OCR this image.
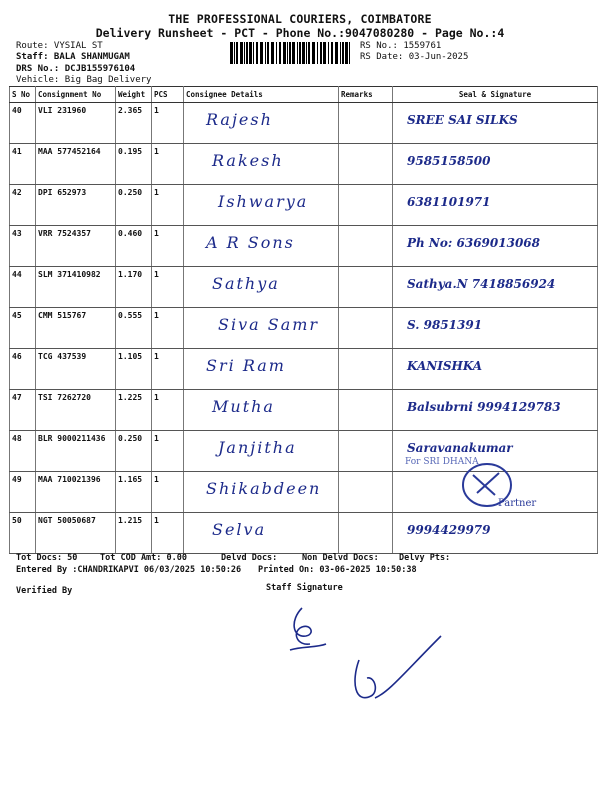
THE PROFESSIONAL COURIERS, COIMBATORE
Delivery Runsheet - PCT - Phone No.:9047080280 - Page No.:4
Route: VYSIAL ST
Staff: BALA SHANMUGAM
DRS No.: DCJB155976104
Vehicle: Big Bag Delivery
RS No.: 1559761
RS Date: 03-Jun-2025
S No	Consignment No	Weight	PCS	Consignee Details	Remarks	Seal & Signature
40	VLI 231960	2.365	1	Rajesh		SREE SAI SILKS

41	MAA 577452164	0.195	1	Rakesh		9585158500

42	DPI 652973	0.250	1	Ishwarya		6381101971

43	VRR 7524357	0.460	1	A R Sons		Ph No: 6369013068

44	SLM 371410982	1.170	1	Sathya		Sathya.N 7418856924

45	CMM 515767	0.555	1	Siva Samr		S. 9851391

46	TCG 437539	1.105	1	Sri Ram		KANISHKA

47	TSI 7262720	1.225	1	Mutha		Balsubrni 9994129783

48	BLR 9000211436	0.250	1	Janjitha		Saravanakumar

49	MAA 710021396	1.165	1	Shikabdeen		

50	NGT 50050687	1.215	1	Selva		9994429979
For SRI DHANA
Partner
Tot Docs: 50	Tot COD Amt: 0.00	Delvd Docs:	Non Delvd Docs: Delvy Pts:
Entered By :CHANDRIKAPVI 06/03/2025 10:50:26 Printed On: 03-06-2025 10:50:38
Verified By	Staff Signature
